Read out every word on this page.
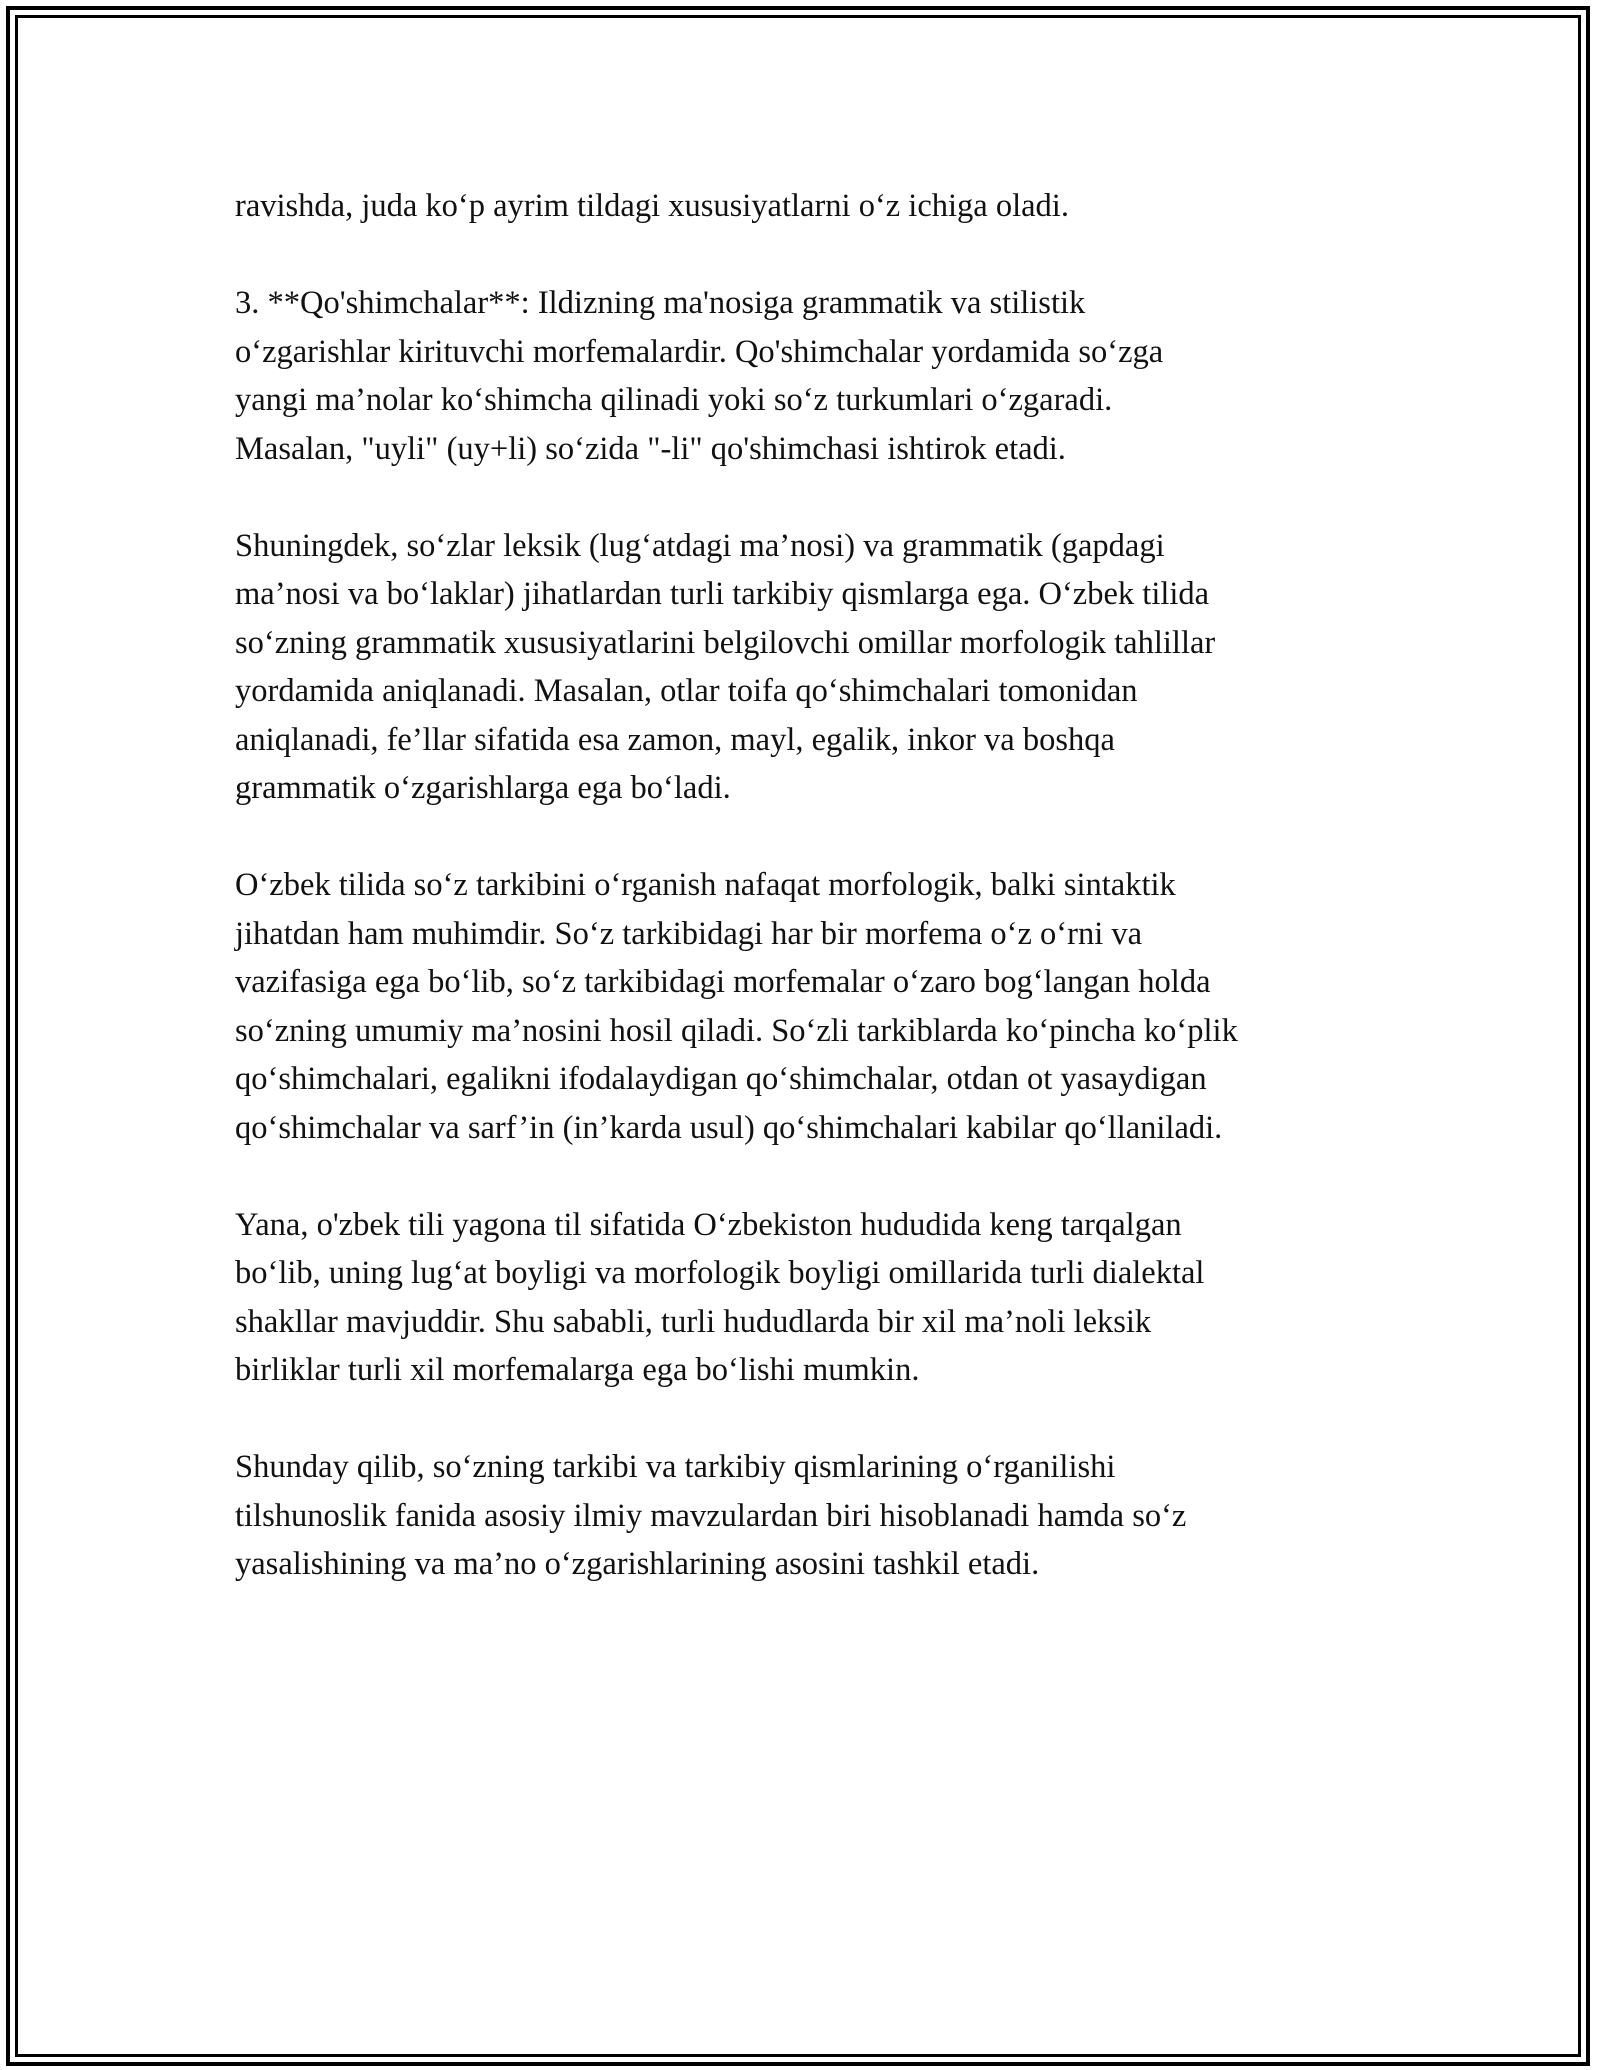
ravishda, juda ko‘p ayrim tildagi xususiyatlarni o‘z ichiga oladi.

3. **Qo'shimchalar**: Ildizning ma'nosiga grammatik va stilistik
o‘zgarishlar kirituvchi morfemalardir. Qo'shimchalar yordamida so‘zga
yangi ma’nolar ko‘shimcha qilinadi yoki so‘z turkumlari o‘zgaradi.
Masalan, "uyli" (uy+li) so‘zida "-li" qo'shimchasi ishtirok etadi.

Shuningdek, so‘zlar leksik (lug‘atdagi ma’nosi) va grammatik (gapdagi
ma’nosi va bo‘laklar) jihatlardan turli tarkibiy qismlarga ega. O‘zbek tilida
so‘zning grammatik xususiyatlarini belgilovchi omillar morfologik tahlillar
yordamida aniqlanadi. Masalan, otlar toifa qo‘shimchalari tomonidan
aniqlanadi, fe’llar sifatida esa zamon, mayl, egalik, inkor va boshqa
grammatik o‘zgarishlarga ega bo‘ladi.

O‘zbek tilida so‘z tarkibini o‘rganish nafaqat morfologik, balki sintaktik
jihatdan ham muhimdir. So‘z tarkibidagi har bir morfema o‘z o‘rni va
vazifasiga ega bo‘lib, so‘z tarkibidagi morfemalar o‘zaro bog‘langan holda
so‘zning umumiy ma’nosini hosil qiladi. So‘zli tarkiblarda ko‘pincha ko‘plik
qo‘shimchalari, egalikni ifodalaydigan qo‘shimchalar, otdan ot yasaydigan
qo‘shimchalar va sarf’in (in’karda usul) qo‘shimchalari kabilar qo‘llaniladi.

Yana, o'zbek tili yagona til sifatida O‘zbekiston hududida keng tarqalgan
bo‘lib, uning lug‘at boyligi va morfologik boyligi omillarida turli dialektal
shakllar mavjuddir. Shu sababli, turli hududlarda bir xil ma’noli leksik
birliklar turli xil morfemalarga ega bo‘lishi mumkin.

Shunday qilib, so‘zning tarkibi va tarkibiy qismlarining o‘rganilishi
tilshunoslik fanida asosiy ilmiy mavzulardan biri hisoblanadi hamda so‘z
yasalishining va ma’no o‘zgarishlarining asosini tashkil etadi.
